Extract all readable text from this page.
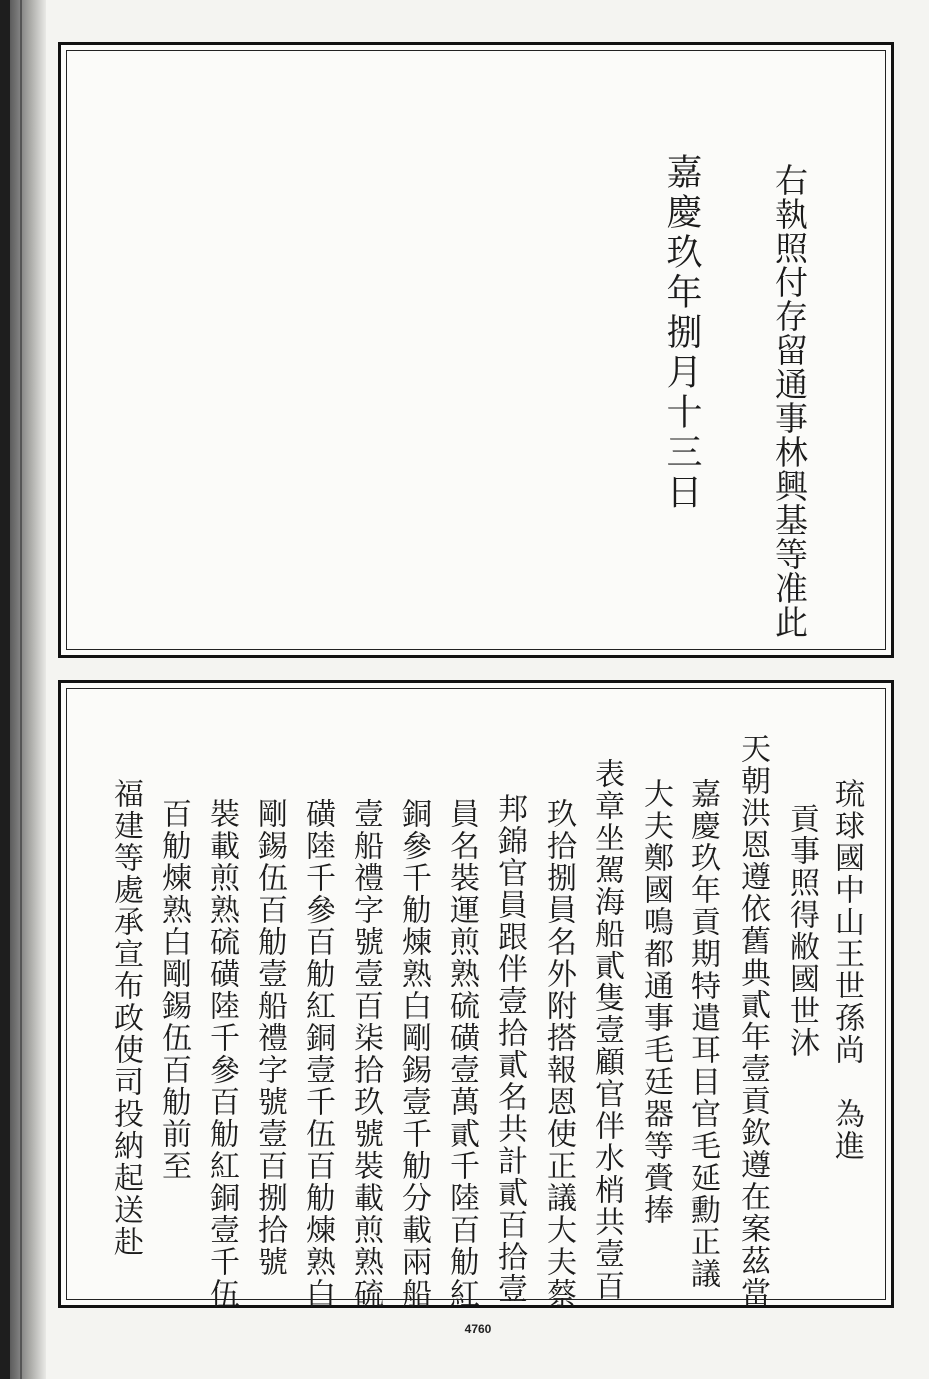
右執照付存留通事林興基等准此
嘉慶玖年捌月十三日
琉球國中山王世孫尚　為進
貢事照得敝國世沐
天朝洪恩遵依舊典貳年壹貢欽遵在案茲當
嘉慶玖年貢期特遣耳目官毛延勳正議
大夫鄭國鳴都通事毛廷器等賫捧
表章坐駕海船貳隻壹顧官伴水梢共壹百
玖拾捌員名外附搭報恩使正議大夫蔡
邦錦官員跟伴壹拾貳名共計貳百拾壹
員名裝運煎熟硫磺壹萬貳千陸百觔紅
銅參千觔煉熟白剛錫壹千觔分載兩船
壹船禮字號壹百柒拾玖號裝載煎熟硫
磺陸千參百觔紅銅壹千伍百觔煉熟白
剛錫伍百觔壹船禮字號壹百捌拾號
裝載煎熟硫磺陸千參百觔紅銅壹千伍
百觔煉熟白剛錫伍百觔前至
福建等處承宣布政使司投納起送赴
4760
